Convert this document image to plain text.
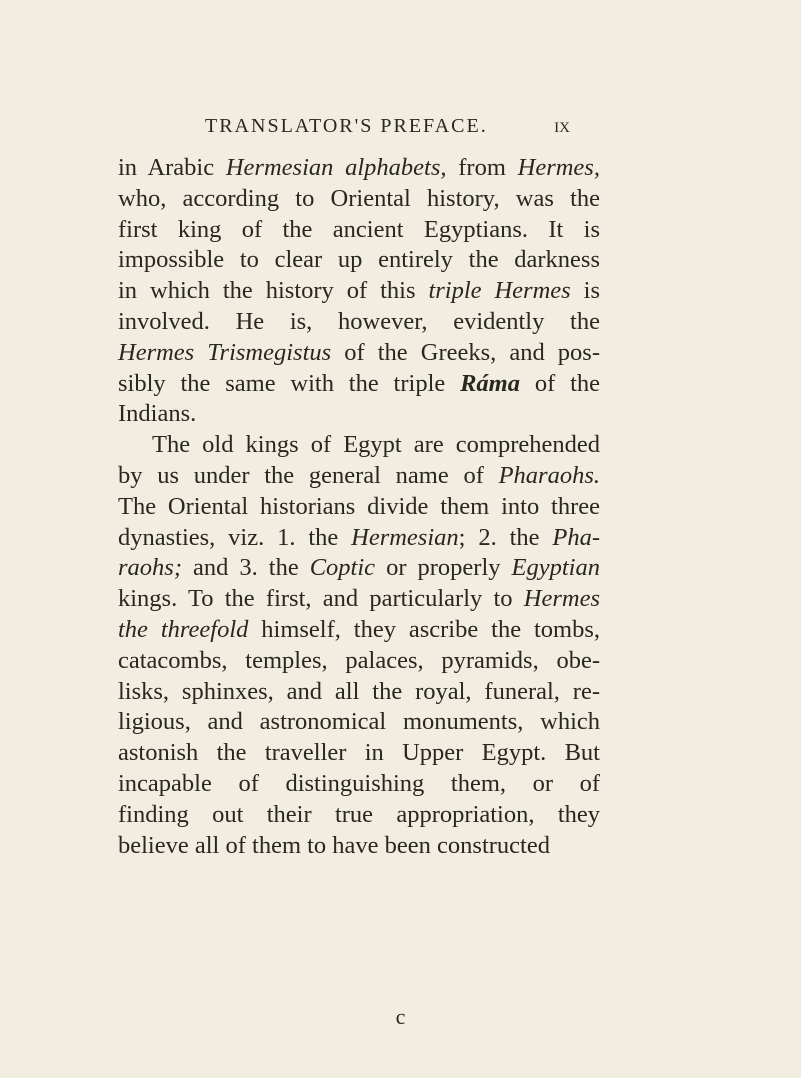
TRANSLATOR'S PREFACE.	ix
in Arabic Hermesian alphabets, from Hermes,
who, according to Oriental history, was the
first king of the ancient Egyptians. It is
impossible to clear up entirely the darkness
in which the history of this triple Hermes is
involved. He is, however, evidently the
Hermes Trismegistus of the Greeks, and pos-
sibly the same with the triple Ráma of the
Indians.
The old kings of Egypt are comprehended
by us under the general name of Pharaohs.
The Oriental historians divide them into three
dynasties, viz. 1. the Hermesian; 2. the Pha-
raohs; and 3. the Coptic or properly Egyptian
kings. To the first, and particularly to Hermes
the threefold himself, they ascribe the tombs,
catacombs, temples, palaces, pyramids, obe-
lisks, sphinxes, and all the royal, funeral, re-
ligious, and astronomical monuments, which
astonish the traveller in Upper Egypt. But
incapable of distinguishing them, or of
finding out their true appropriation, they
believe all of them to have been constructed
c
